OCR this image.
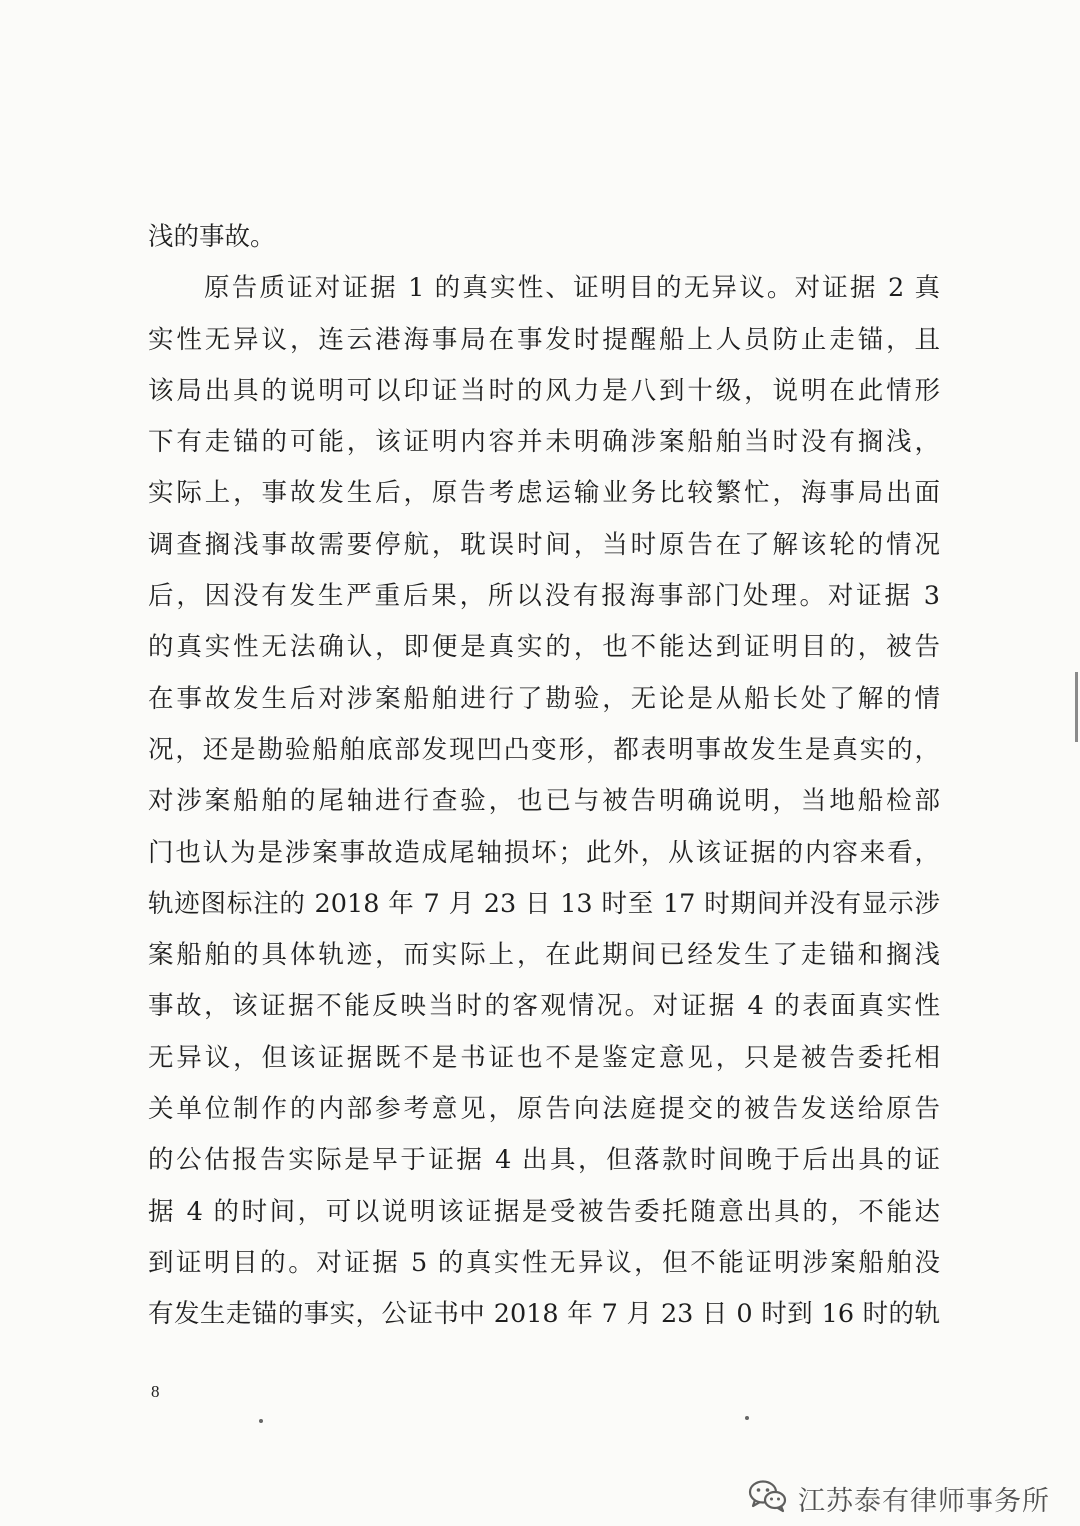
浅的事故。
原告质证对证据 1 的真实性、证明目的无异议。对证据 2 真
实性无异议，连云港海事局在事发时提醒船上人员防止走锚，且
该局出具的说明可以印证当时的风力是八到十级，说明在此情形
下有走锚的可能，该证明内容并未明确涉案船舶当时没有搁浅，
实际上，事故发生后，原告考虑运输业务比较繁忙，海事局出面
调查搁浅事故需要停航，耽误时间，当时原告在了解该轮的情况
后，因没有发生严重后果，所以没有报海事部门处理。对证据 3
的真实性无法确认，即便是真实的，也不能达到证明目的，被告
在事故发生后对涉案船舶进行了勘验，无论是从船长处了解的情
况，还是勘验船舶底部发现凹凸变形，都表明事故发生是真实的，
对涉案船舶的尾轴进行查验，也已与被告明确说明，当地船检部
门也认为是涉案事故造成尾轴损坏；此外，从该证据的内容来看，
轨迹图标注的 2018 年 7 月 23 日 13 时至 17 时期间并没有显示涉
案船舶的具体轨迹，而实际上，在此期间已经发生了走锚和搁浅
事故，该证据不能反映当时的客观情况。对证据 4 的表面真实性
无异议，但该证据既不是书证也不是鉴定意见，只是被告委托相
关单位制作的内部参考意见，原告向法庭提交的被告发送给原告
的公估报告实际是早于证据 4 出具，但落款时间晚于后出具的证
据 4 的时间，可以说明该证据是受被告委托随意出具的，不能达
到证明目的。对证据 5 的真实性无异议，但不能证明涉案船舶没
有发生走锚的事实，公证书中 2018 年 7 月 23 日 0 时到 16 时的轨
8
江苏泰有律师事务所
